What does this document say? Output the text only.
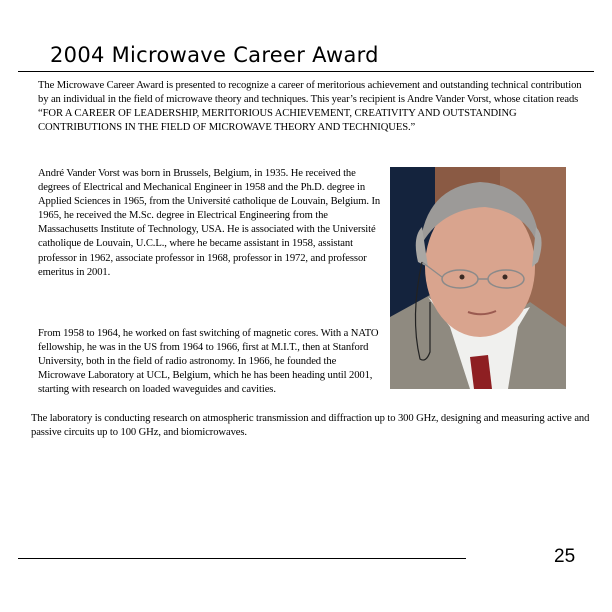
2004 Microwave Career Award

The Microwave Career Award is presented to recognize a career of meritorious achievement and outstanding technical contribution by an individual in the field of microwave theory and techniques. This year’s recipient is Andre Vander Vorst, whose citation reads “FOR A CAREER OF LEADERSHIP, MERITORIOUS ACHIEVEMENT, CREATIVITY AND OUTSTANDING CONTRIBUTIONS IN THE FIELD OF MICROWAVE THEORY AND TECHNIQUES.”

André Vander Vorst was born in Brussels, Belgium, in 1935. He received the degrees of Electrical and Mechanical Engineer in 1958 and the Ph.D. degree in Applied Sciences in 1965, from the Université catholique de Louvain, Belgium. In 1965, he received the M.Sc. degree in Electrical Engineering from the Massachusetts Institute of Technology, USA. He is associated with the Université catholique de Louvain, U.C.L., where he became assistant in 1958, assistant professor in 1962, associate professor in 1968, professor in 1972, and professor emeritus in 2001.

From 1958 to 1964, he worked on fast switching of magnetic cores. With a NATO fellowship, he was in the US from 1964 to 1966, first at M.I.T., then at Stanford University, both in the field of radio astronomy. In 1966, he founded the Microwave Laboratory at UCL, Belgium, which he has been heading until 2001, starting with research on loaded waveguides and cavities.

The laboratory is conducting research on atmospheric transmission and diffraction up to 300 GHz, designing and measuring active and passive circuits up to 100 GHz, and biomicrowaves.

25
